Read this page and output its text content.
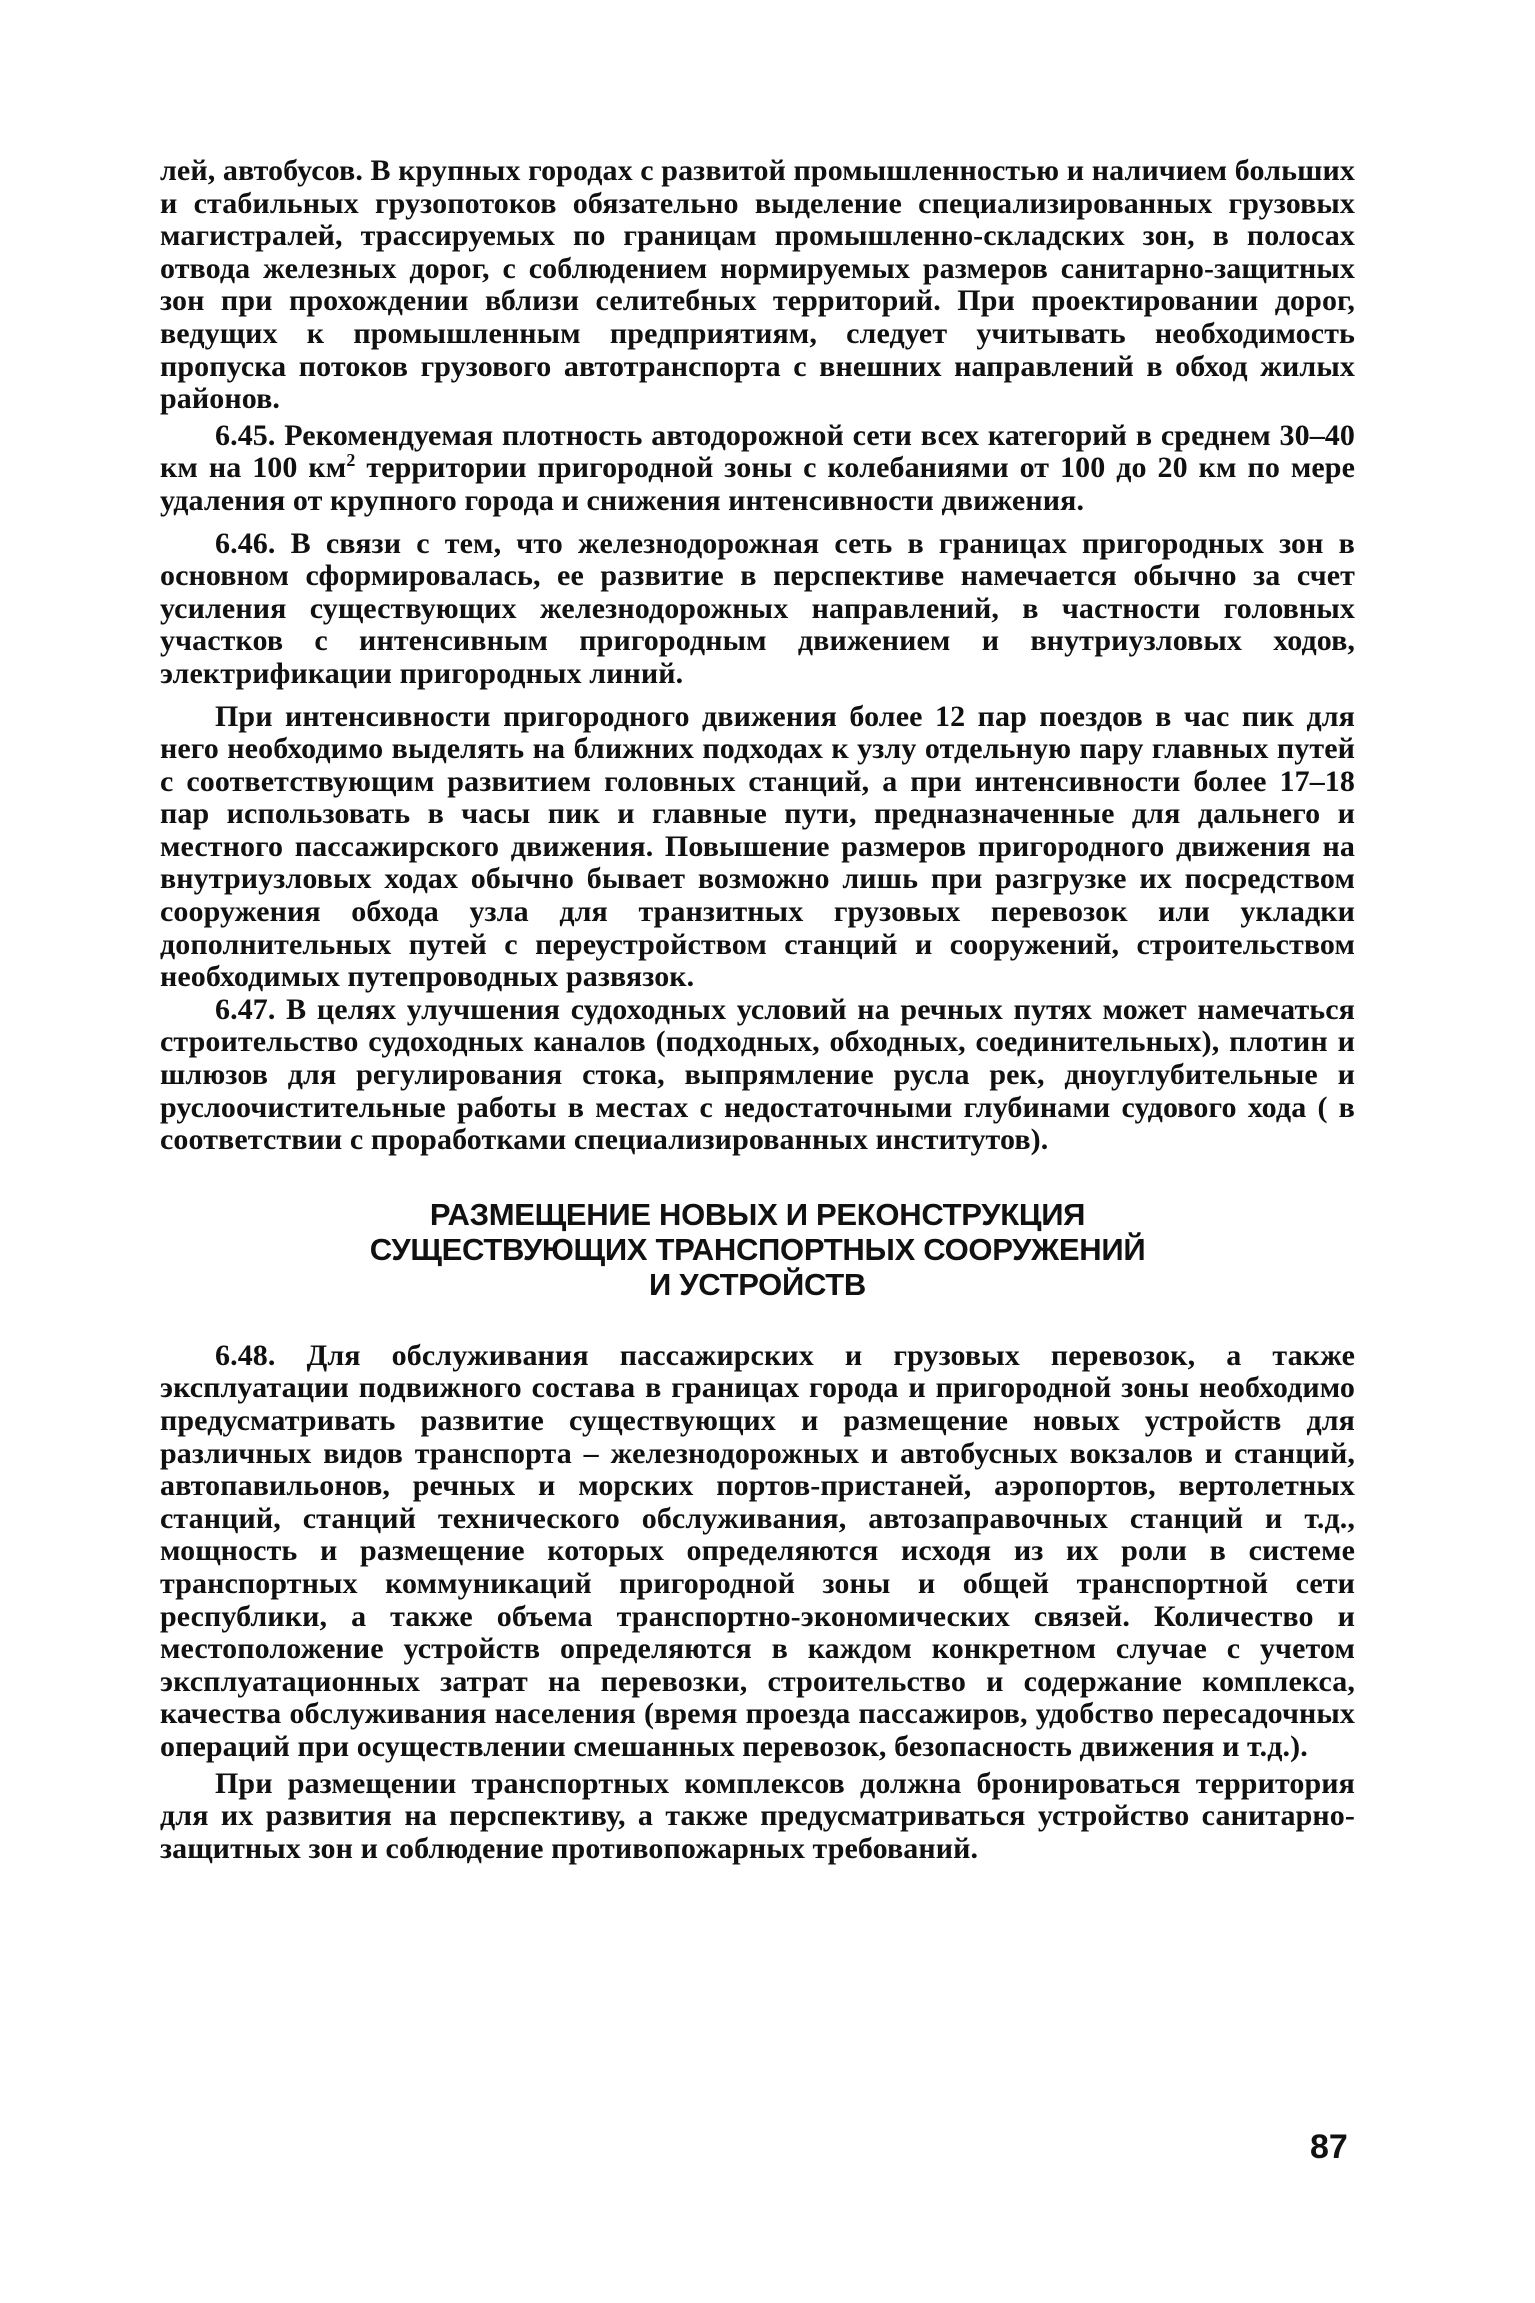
лей, автобусов. В крупных городах с развитой промышленностью и наличием больших и стабильных грузопотоков обязательно выделение специализированных грузовых магистралей, трассируемых по границам промышленно-складских зон, в полосах отвода железных дорог, с соблюдением нормируемых размеров санитарно-защитных зон при прохождении вблизи селитебных территорий. При проектировании дорог, ведущих к промышленным предприятиям, следует учитывать необходимость пропуска потоков грузового автотранспорта с внешних направлений в обход жилых районов.

6.45. Рекомендуемая плотность автодорожной сети всех категорий в среднем 30–40 км на 100 $км^2$ территории пригородной зоны с колебаниями от 100 до 20 км по мере удаления от крупного города и снижения интенсивности движения.

6.46. В связи с тем, что железнодорожная сеть в границах пригородных зон в основном сформировалась, ее развитие в перспективе намечается обычно за счет усиления существующих железнодорожных направлений, в частности головных участков с интенсивным пригородным движением и внутриузловых ходов, электрификации пригородных линий.

При интенсивности пригородного движения более 12 пар поездов в час пик для него необходимо выделять на ближних подходах к узлу отдельную пару главных путей с соответствующим развитием головных станций, а при интенсивности более 17–18 пар использовать в часы пик и главные пути, предназначенные для дальнего и местного пассажирского движения. Повышение размеров пригородного движения на внутриузловых ходах обычно бывает возможно лишь при разгрузке их посредством сооружения обхода узла для транзитных грузовых перевозок или укладки дополнительных путей с переустройством станций и сооружений, строительством необходимых путепроводных развязок.

6.47. В целях улучшения судоходных условий на речных путях может намечаться строительство судоходных каналов (подходных, обходных, соединительных), плотин и шлюзов для регулирования стока, выпрямление русла рек, дноуглубительные и руслоочистительные работы в местах с недостаточными глубинами судового хода ( в соответствии с проработками специализированных институтов).

РАЗМЕЩЕНИЕ НОВЫХ И РЕКОНСТРУКЦИЯ
СУЩЕСТВУЮЩИХ ТРАНСПОРТНЫХ СООРУЖЕНИЙ
И УСТРОЙСТВ

6.48. Для обслуживания пассажирских и грузовых перевозок, а также эксплуатации подвижного состава в границах города и пригородной зоны необходимо предусматривать развитие существующих и размещение новых устройств для различных видов транспорта – железнодорожных и автобусных вокзалов и станций, автопавильонов, речных и морских портов-пристаней, аэропортов, вертолетных станций, станций технического обслуживания, автозаправочных станций и т.д., мощность и размещение которых определяются исходя из их роли в системе транспортных коммуникаций пригородной зоны и общей транспортной сети республики, а также объема транспортно-экономических связей. Количество и местоположение устройств определяются в каждом конкретном случае с учетом эксплуатационных затрат на перевозки, строительство и содержание комплекса, качества обслуживания населения (время проезда пассажиров, удобство пересадочных операций при осуществлении смешанных перевозок, безопасность движения и т.д.).

При размещении транспортных комплексов должна бронироваться территория для их развития на перспективу, а также предусматриваться устройство санитарно-защитных зон и соблюдение противопожарных требований.

87
